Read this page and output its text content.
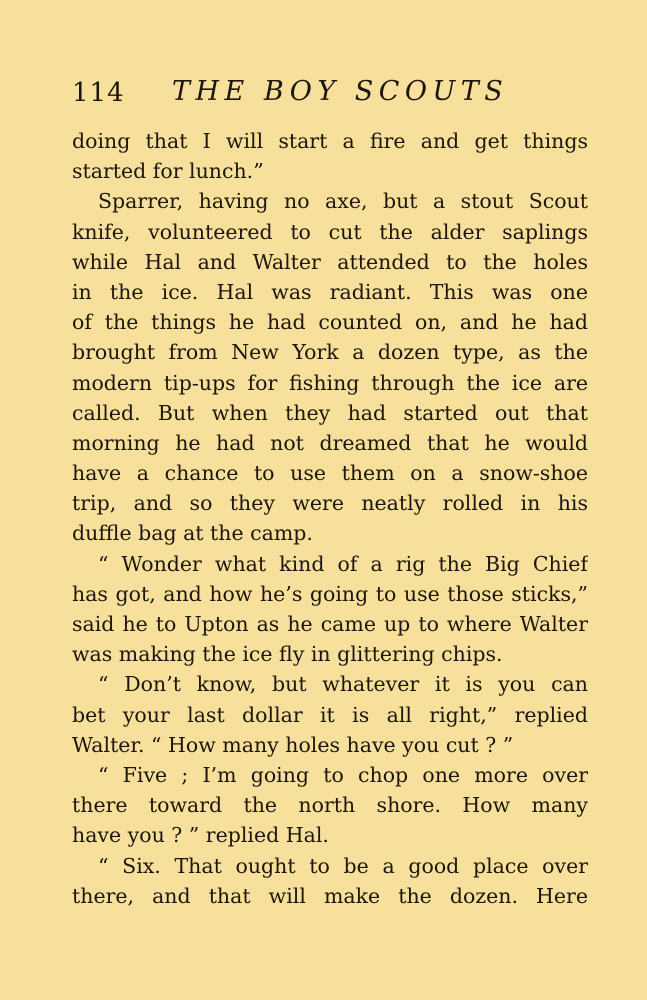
114 THE BOY SCOUTS
doing that I will start a fire and get things
started for lunch.”
Sparrer, having no axe, but a stout Scout
knife, volunteered to cut the alder saplings
while Hal and Walter attended to the holes
in the ice. Hal was radiant. This was one
of the things he had counted on, and he had
brought from New York a dozen type, as the
modern tip-ups for fishing through the ice are
called. But when they had started out that
morning he had not dreamed that he would
have a chance to use them on a snow-shoe
trip, and so they were neatly rolled in his
duffle bag at the camp.
“ Wonder what kind of a rig the Big Chief
has got, and how he’s going to use those sticks,”
said he to Upton as he came up to where Walter
was making the ice fly in glittering chips.
“ Don’t know, but whatever it is you can
bet your last dollar it is all right,” replied
Walter. “ How many holes have you cut ? ”
“ Five ; I’m going to chop one more over
there toward the north shore. How many
have you ? ” replied Hal.
“ Six. That ought to be a good place over
there, and that will make the dozen. Here
